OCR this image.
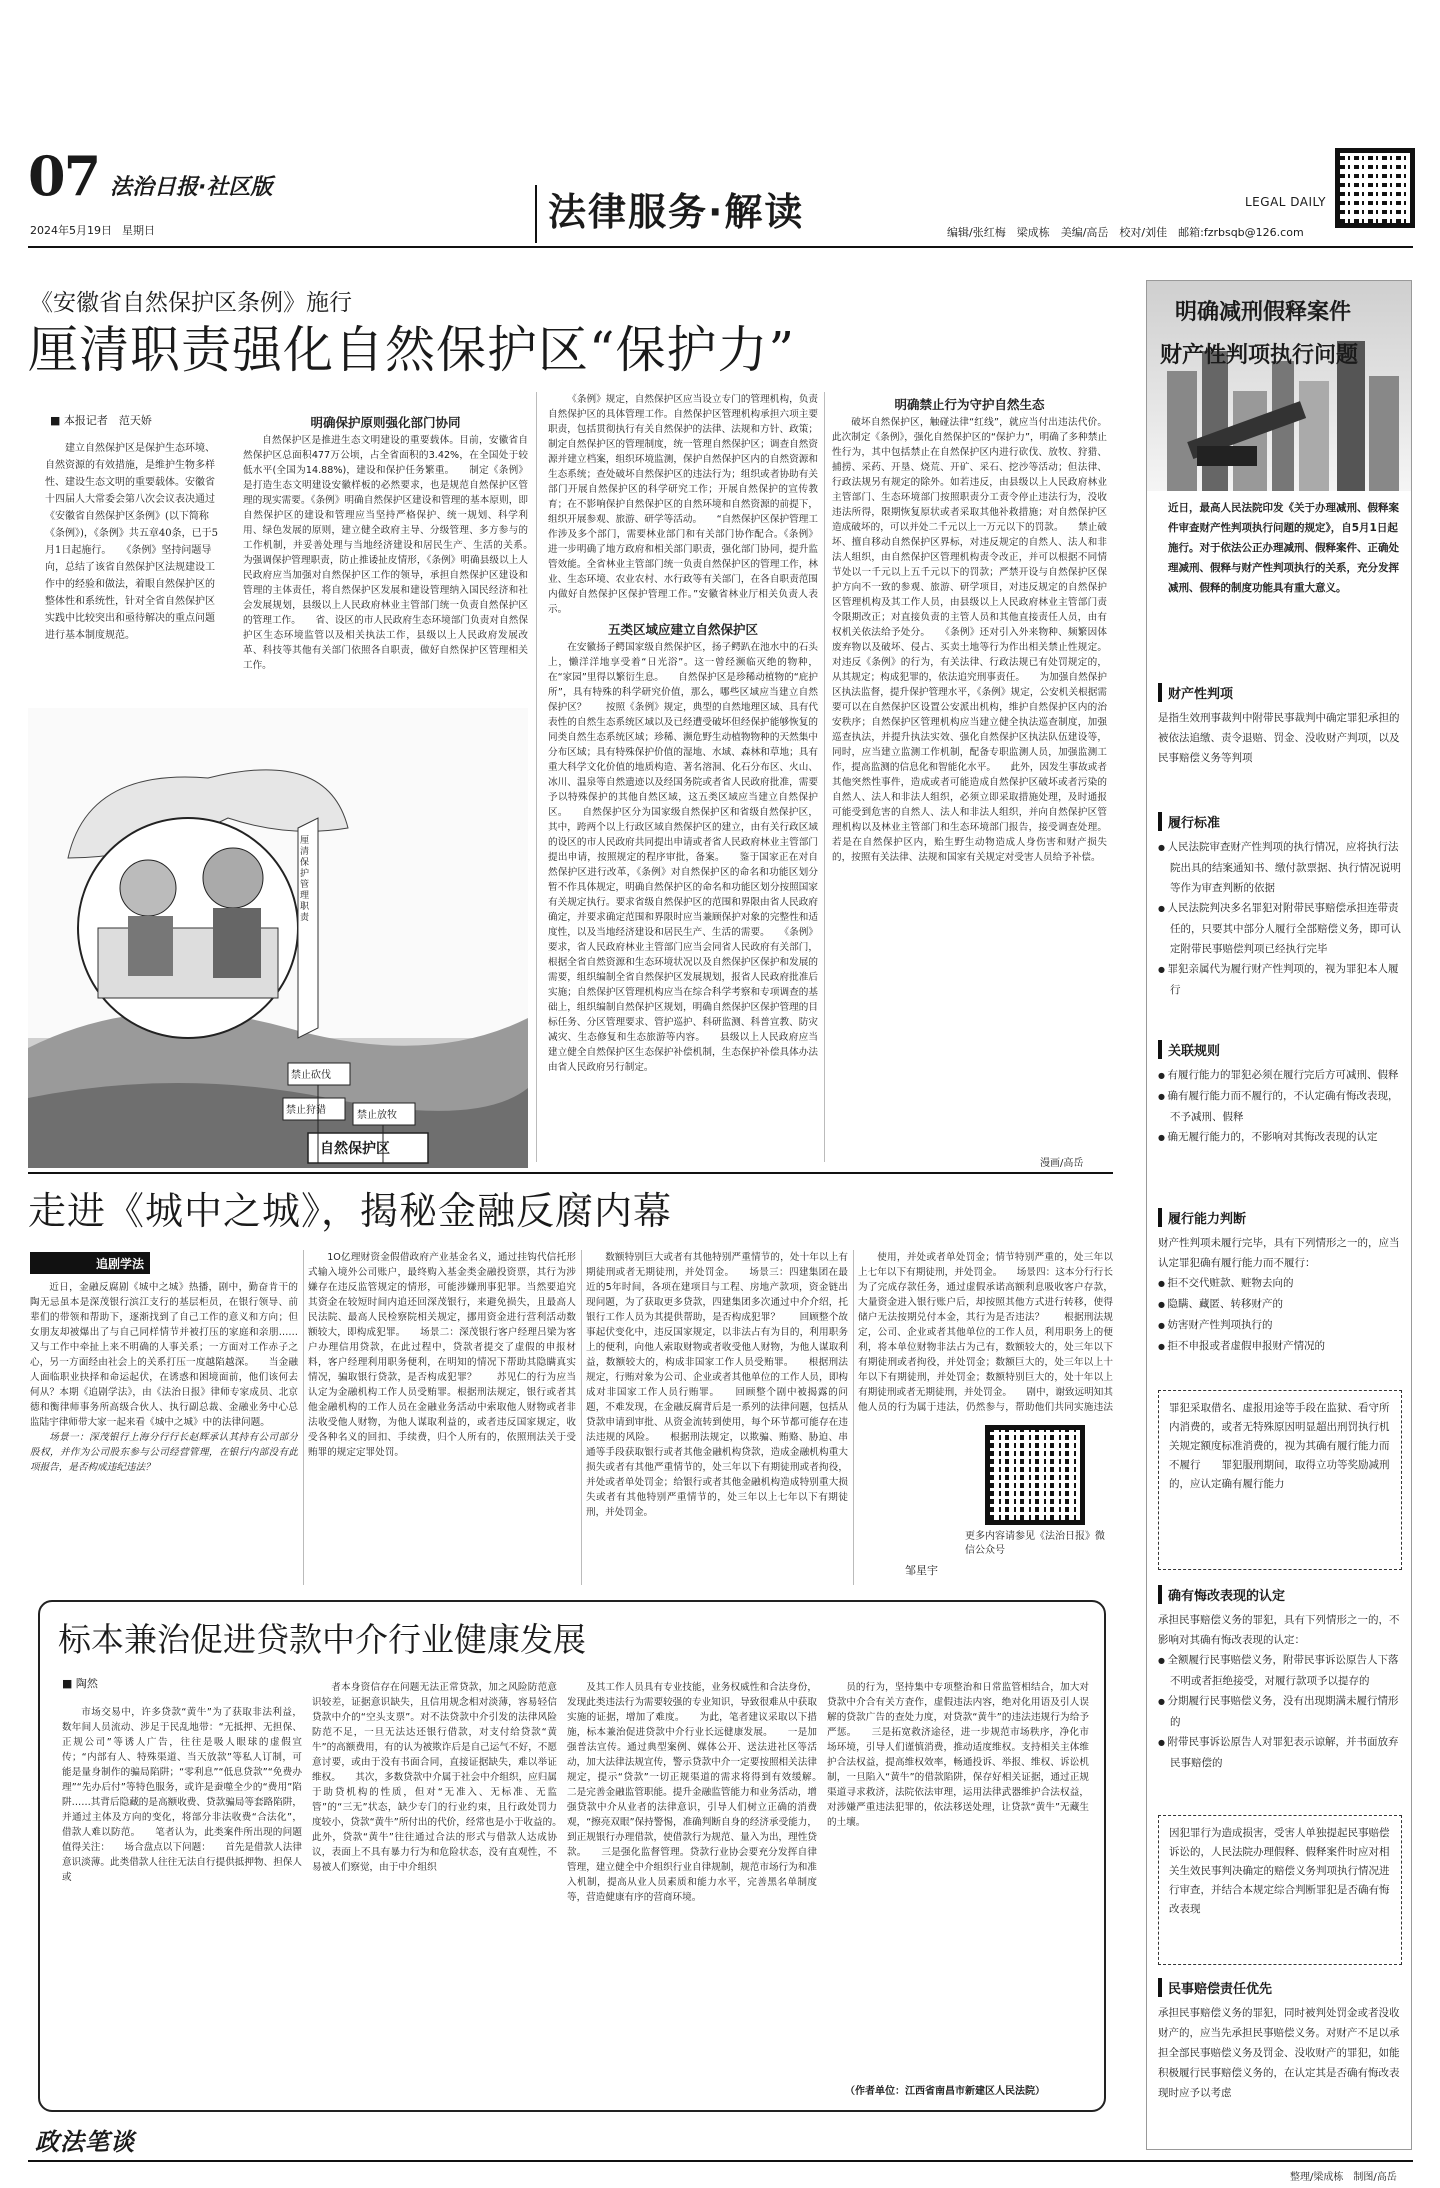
07 法治日报·社区版
2024年5月19日 星期日	法律服务·解读	LEGAL DAILY
编辑/张红梅　梁成栋　美编/高岳　校对/刘佳　邮箱:fzrbsqb@126.com
《安徽省自然保护区条例》施行
厘清职责强化自然保护区“保护力”
■ 本报记者　范天娇

建立自然保护区是保护生态环境、自然资源的有效措施，是维护生物多样性、建设生态文明的重要载体。安徽省十四届人大常委会第八次会议表决通过《安徽省自然保护区条例》(以下简称《条例》)，《条例》共五章40条，已于5月1日起施行。　　《条例》坚持问题导向，总结了该省自然保护区法规建设工作中的经验和做法，着眼自然保护区的整体性和系统性，针对全省自然保护区实践中比较突出和亟待解决的重点问题进行基本制度规范。

明确保护原则强化部门协同

自然保护区是推进生态文明建设的重要载体。目前，安徽省自然保护区总面积477万公顷，占全省面积的3.42%，在全国处于较低水平(全国为14.88%)，建设和保护任务繁重。　　制定《条例》是打造生态文明建设安徽样板的必然要求，也是规范自然保护区管理的现实需要。《条例》明确自然保护区建设和管理的基本原则，即自然保护区的建设和管理应当坚持严格保护、统一规划、科学利用、绿色发展的原则，建立健全政府主导、分级管理、多方参与的工作机制，并妥善处理与当地经济建设和居民生产、生活的关系。　　为强调保护管理职责，防止推诿扯皮情形，《条例》明确县级以上人民政府应当加强对自然保护区工作的领导，承担自然保护区建设和管理的主体责任，将自然保护区发展和建设管理纳入国民经济和社会发展规划，县级以上人民政府林业主管部门统一负责自然保护区的管理工作。　　省、设区的市人民政府生态环境部门负责对自然保护区生态环境监管以及相关执法工作，县级以上人民政府发展改革、科技等其他有关部门依照各自职责，做好自然保护区管理相关工作。

禁止砍伐
禁止狩猎	禁止放牧
自然保护区
厘清保护管理职责

《条例》规定，自然保护区应当设立专门的管理机构，负责自然保护区的具体管理工作。自然保护区管理机构承担六项主要职责，包括贯彻执行有关自然保护的法律、法规和方针、政策；制定自然保护区的管理制度，统一管理自然保护区；调查自然资源并建立档案，组织环境监测，保护自然保护区内的自然资源和生态系统；查处破坏自然保护区的违法行为；组织或者协助有关部门开展自然保护区的科学研究工作；开展自然保护的宣传教育；在不影响保护自然保护区的自然环境和自然资源的前提下，组织开展参观、旅游、研学等活动。　　“自然保护区保护管理工作涉及多个部门，需要林业部门和有关部门协作配合。《条例》进一步明确了地方政府和相关部门职责，强化部门协同，提升监管效能。全省林业主管部门统一负责自然保护区的管理工作，林业、生态环境、农业农村、水行政等有关部门，在各自职责范围内做好自然保护区保护管理工作。”安徽省林业厅相关负责人表示。

五类区域应建立自然保护区

在安徽扬子鳄国家级自然保护区，扬子鳄趴在池水中的石头上，懒洋洋地享受着“日光浴”。这一曾经濒临灭绝的物种，在“家园”里得以繁衍生息。　　自然保护区是珍稀动植物的“庇护所”，具有特殊的科学研究价值，那么，哪些区域应当建立自然保护区？　　按照《条例》规定，典型的自然地理区域、具有代表性的自然生态系统区域以及已经遭受破坏但经保护能够恢复的同类自然生态系统区域；珍稀、濒危野生动植物物种的天然集中分布区域；具有特殊保护价值的湿地、水域、森林和草地；具有重大科学文化价值的地质构造、著名溶洞、化石分布区、火山、冰川、温泉等自然遗迹以及经国务院或者省人民政府批准，需要予以特殊保护的其他自然区域，这五类区域应当建立自然保护区。　　自然保护区分为国家级自然保护区和省级自然保护区，其中，跨两个以上行政区域自然保护区的建立，由有关行政区域的设区的市人民政府共同提出申请或者省人民政府林业主管部门提出申请，按照规定的程序审批，备案。　　鉴于国家正在对自然保护区进行改革，《条例》对自然保护区的命名和功能区划分暂不作具体规定，明确自然保护区的命名和功能区划分按照国家有关规定执行。要求省级自然保护区的范围和界限由省人民政府确定，并要求确定范围和界限时应当兼顾保护对象的完整性和适度性，以及当地经济建设和居民生产、生活的需要。　　《条例》要求，省人民政府林业主管部门应当会同省人民政府有关部门，根据全省自然资源和生态环境状况以及自然保护区保护和发展的需要，组织编制全省自然保护区发展规划，报省人民政府批准后实施；自然保护区管理机构应当在综合科学考察和专项调查的基础上，组织编制自然保护区规划，明确自然保护区保护管理的目标任务、分区管理要求、管护巡护、科研监测、科普宣教、防灾减灾、生态修复和生态旅游等内容。　　县级以上人民政府应当建立健全自然保护区生态保护补偿机制，生态保护补偿具体办法由省人民政府另行制定。

明确禁止行为守护自然生态

破坏自然保护区，触碰法律“红线”，就应当付出违法代价。此次制定《条例》，强化自然保护区的“保护力”，明确了多种禁止性行为，其中包括禁止在自然保护区内进行砍伐、放牧、狩猎、捕捞、采药、开垦、烧荒、开矿、采石、挖沙等活动；但法律、行政法规另有规定的除外。如若违反，由县级以上人民政府林业主管部门、生态环境部门按照职责分工责令停止违法行为，没收违法所得，限期恢复原状或者采取其他补救措施；对自然保护区造成破坏的，可以并处二千元以上一万元以下的罚款。　　禁止破坏、擅自移动自然保护区界标，对违反规定的自然人、法人和非法人组织，由自然保护区管理机构责令改正，并可以根据不同情节处以一千元以上五千元以下的罚款；严禁开设与自然保护区保护方向不一致的参观、旅游、研学项目，对违反规定的自然保护区管理机构及其工作人员，由县级以上人民政府林业主管部门责令限期改正；对直接负责的主管人员和其他直接责任人员，由有权机关依法给予处分。　　《条例》还对引入外来物种、频繁因体废弃物以及破坏、侵占、买卖土地等行为作出相关禁止性规定。对违反《条例》的行为，有关法律、行政法规已有处罚规定的，从其规定；构成犯罪的，依法追究刑事责任。　　为加强自然保护区执法监督，提升保护管理水平，《条例》规定，公安机关根据需要可以在自然保护区设置公安派出机构，维护自然保护区内的治安秩序；自然保护区管理机构应当建立健全执法巡查制度，加强巡查执法，并提升执法实效、强化自然保护区执法队伍建设等，同时，应当建立监测工作机制，配备专职监测人员，加强监测工作，提高监测的信息化和智能化水平。　　此外，因发生事故或者其他突然性事件，造成或者可能造成自然保护区破坏或者污染的自然人、法人和非法人组织，必须立即采取措施处理，及时通报可能受到危害的自然人、法人和非法人组织，并向自然保护区管理机构以及林业主管部门和生态环境部门报告，接受调查处理。若是在自然保护区内，贻生野生动物造成人身伤害和财产损失的，按照有关法律、法规和国家有关规定对受害人员给予补偿。

漫画/高岳
走进《城中之城》，揭秘金融反腐内幕
追剧学法

近日，金融反腐剧《城中之城》热播，剧中，勤奋肯干的陶无忌虽本是深茂银行滨江支行的基层柜员，在银行领导、前辈们的带领和帮助下，逐渐找到了自己工作的意义和方向；但女朋友却被爆出了与自己同样情节并被打压的家庭和亲朋……又与工作中牵扯上来不明确的人事关系；一方面对工作赤子之心，另一方面经由社会上的关系打压一度越陷越深。　　当金融人面临职业抉择和命运起伏，在诱惑和困境面前，他们该何去何从？本期《追剧学法》，由《法治日报》律师专家成员、北京德和衡律师事务所高级合伙人、执行副总裁、金融业务中心总监陆宇律师带大家一起来看《城中之城》中的法律问题。

场景一：深茂银行上海分行行长赵辉承认其持有公司部分股权，并作为公司股东参与公司经营管理，在银行内部没有此项报告，是否构成违纪违法？

1O亿理财资金假借政府产业基金名义，通过挂钩代信托形式输入境外公司账户，最终购入基金类金融投资票，其行为涉嫌存在违反监管规定的情形，可能涉嫌刑事犯罪。当然要追究其资金在较短时间内追还回深茂银行，来避免损失，且最高人民法院、最高人民检察院相关规定，挪用资金进行营利活动数额较大，即构成犯罪。　　场景二：深茂银行客户经理吕梁为客户办理信用贷款，在此过程中，贷款者提交了虚假的申报材料，客户经理利用职务便利，在明知的情况下帮助其隐瞒真实情况，骗取银行贷款，是否构成犯罪？　　苏见仁的行为应当认定为金融机构工作人员受贿罪。根据刑法规定，银行或者其他金融机构的工作人员在金融业务活动中索取他人财物或者非法收受他人财物，为他人谋取利益的，或者违反国家规定，收受各种名义的回扣、手续费，归个人所有的，依照刑法关于受贿罪的规定定罪处罚。

数额特别巨大或者有其他特别严重情节的，处十年以上有期徒刑或者无期徒刑，并处罚金。　　场景三：四建集团在最近的5年时间，各项在建项目与工程、房地产款项，资金链出现问题，为了获取更多贷款，四建集团多次通过中介介绍，托银行工作人员为其提供帮助，是否构成犯罪？　　回顾整个故事起伏变化中，违反国家规定，以非法占有为目的，利用职务上的便利，向他人索取财物或者收受他人财物，为他人谋取利益，数额较大的，构成非国家工作人员受贿罪。　　根据刑法规定，行贿对象为公司、企业或者其他单位的工作人员，即构成对非国家工作人员行贿罪。　　回顾整个剧中被揭露的问题，不难发现，在金融反腐背后是一系列的法律问题，包括从贷款申请到审批、从资金流转到使用，每个环节都可能存在违法违规的风险。　　根据刑法规定，以欺骗、贿赂、胁迫、串通等手段获取银行或者其他金融机构贷款，造成金融机构重大损失或者有其他严重情节的，处三年以下有期徒刑或者拘役，并处或者单处罚金；给银行或者其他金融机构造成特别重大损失或者有其他特别严重情节的，处三年以上七年以下有期徒刑，并处罚金。

使用，并处或者单处罚金；情节特别严重的，处三年以上七年以下有期徒刑，并处罚金。　　场景四：这本分行行长为了完成存款任务，通过虚假承诺高额利息吸收客户存款，大量资金进入银行账户后，却按照其他方式进行转移，使得储户无法按期兑付本金，其行为是否违法？　　根据刑法规定，公司、企业或者其他单位的工作人员，利用职务上的便利，将本单位财物非法占为己有，数额较大的，处三年以下有期徒刑或者拘役，并处罚金；数额巨大的，处三年以上十年以下有期徒刑，并处罚金；数额特别巨大的，处十年以上有期徒刑或者无期徒刑，并处罚金。　　剧中，谢致远明知其他人员的行为属于违法，仍然参与，帮助他们共同实施违法

更多内容请参见《法治日报》微信公众号
邹星宇
标本兼治促进贷款中介行业健康发展
■ 陶然

市场交易中，许多贷款“黄牛”为了获取非法利益，数年间人员流动、涉足于民乱地带：“无抵押、无担保、正规公司”等诱人广告，往往是吸人眼球的虚假宣传；“内部有人、特殊渠道、当天放款”等私人订制，可能是量身制作的骗局陷阱；“零利息”“低息贷款”“免费办理”“先办后付”等特色服务，或许是蚕噬全少的“费用”陷阱……其背后隐藏的是高额收费、贷款骗局等套路陷阱，并通过主体及方向的变化，将部分非法收费“合法化”，借款人难以防范。　　笔者认为，此类案件所出现的问题值得关注：　　场合盘点以下问题：　　首先是借款人法律意识淡薄。此类借款人往往无法自行提供抵押物、担保人或

者本身资信存在问题无法正常贷款，加之风险防范意识较差，证据意识缺失，且信用规念相对淡薄，容易轻信贷款中介的“空头支票”。对不法贷款中介引发的法律风险防范不足，一旦无法达还银行借款，对支付给贷款“黄牛”的高额费用，有的认为被欺诈后是自己运气不好，不愿意讨要，或由于没有书面合同，直接证据缺失，难以举证维权。　　其次，多数贷款中介属于社会中介组织，应归属于助贷机构的性质，但对“无准入、无标准、无监管”的“三无”状态，缺少专门的行业约束，且行政处罚力度较小，贷款“黄牛”所付出的代价，经常也是小于收益的。　　此外，贷款“黄牛”往往通过合法的形式与借款人达成协议，表面上不具有暴力行为和危险状态，没有直观性，不易被人们察觉，由于中介组织

及其工作人员具有专业技能，业务权威性和合法身份，发现此类违法行为需要较强的专业知识，导致很难从中获取实施的证据，增加了难度。　　为此，笔者建议采取以下措施，标本兼治促进贷款中介行业长远健康发展。　　一是加强普法宣传。通过典型案例、媒体公开、送法进社区等活动，加大法律法规宣传，警示贷款中介一定要按照相关法律规定，提示“贷款”一切正规渠道的需求将得到有效缓解。　　二是完善金融监管职能。提升金融监管能力和业务活动，增强贷款中介从业者的法律意识，引导人们树立正确的消费观，“擦亮双眼”保持警惕，准确判断自身的经济承受能力，到正规银行办理借款，使借款行为规范、量入为出，理性贷款。　　三是强化监督管理。贷款行业协会要充分发挥自律管理，建立健全中介组织行业自律规制，规范市场行为和准入机制，提高从业人员素质和能力水平，完善黑名单制度等，营造健康有序的营商环境。

员的行为，坚持集中专项整治和日常监管相结合，加大对贷款中介合有关方査作，虚假违法内容，绝对化用语及引人误解的贷款广告的查处力度，对贷款“黄牛”的违法违规行为给予严惩。　　三是拓宽救济途径，进一步规范市场秩序，净化市场环境，引导人们谨慎消费，推动适度维权。支持相关主体维护合法权益，提高维权效率，畅通投诉、举报、维权、诉讼机制，一旦陷入“黄牛”的借款陷阱，保存好相关证据，通过正规渠道寻求救济，法院依法审理，运用法律武器维护合法权益，对涉嫌严重违法犯罪的，依法移送处理，让贷款“黄牛”无藏生的土壤。

（作者单位：江西省南昌市新建区人民法院）
政法笔谈
明确减刑假释案件
财产性判项执行问题
近日，最高人民法院印发《关于办理减刑、假释案件审查财产性判项执行问题的规定》，自5月1日起施行。对于依法公正办理减刑、假释案件、正确处理减刑、假释与财产性判项执行的关系，充分发挥减刑、假释的制度功能具有重大意义。
财产性判项
是指生效刑事裁判中附带民事裁判中确定罪犯承担的被依法追缴、责令退赔、罚金、没收财产判项，以及民事赔偿义务等判项
履行标准
● 人民法院审查财产性判项的执行情况，应将执行法院出具的结案通知书、缴付款票据、执行情况说明等作为审查判断的依据
● 人民法院判决多名罪犯对附带民事赔偿承担连带责任的，只要其中部分人履行全部赔偿义务，即可认定附带民事赔偿判项已经执行完毕
● 罪犯亲属代为履行财产性判项的，视为罪犯本人履行
关联规则
● 有履行能力的罪犯必须在履行完后方可减刑、假释
● 确有履行能力而不履行的，不认定确有悔改表现，不予减刑、假释
● 确无履行能力的，不影响对其悔改表现的认定
履行能力判断
财产性判项未履行完毕，具有下列情形之一的，应当认定罪犯确有履行能力而不履行：
● 拒不交代赃款、赃物去向的
● 隐瞒、藏匿、转移财产的
● 妨害财产性判项执行的
● 拒不申报或者虚假申报财产情况的
罪犯采取借名、虚报用途等手段在监狱、看守所内消费的，或者无特殊原因明显超出刑罚执行机关规定额度标准消费的，视为其确有履行能力而不履行　　罪犯服刑期间，取得立功等奖励减刑的，应认定确有履行能力
确有悔改表现的认定
承担民事赔偿义务的罪犯，具有下列情形之一的，不影响对其确有悔改表现的认定：
● 全额履行民事赔偿义务，附带民事诉讼原告人下落不明或者拒绝接受，对履行款项予以提存的
● 分期履行民事赔偿义务，没有出现期满未履行情形的
● 附带民事诉讼原告人对罪犯表示谅解，并书面放弃民事赔偿的
因犯罪行为造成损害，受害人单独提起民事赔偿诉讼的，人民法院办理假释、假释案件时应对相关生效民事判决确定的赔偿义务判项执行情况进行审查，并结合本规定综合判断罪犯是否确有悔改表现
民事赔偿责任优先
承担民事赔偿义务的罪犯，同时被判处罚金或者没收财产的，应当先承担民事赔偿义务。对财产不足以承担全部民事赔偿义务及罚金、没收财产的罪犯，如能积极履行民事赔偿义务的，在认定其是否确有悔改表现时应予以考虑
整理/梁成栋　制图/高岳
